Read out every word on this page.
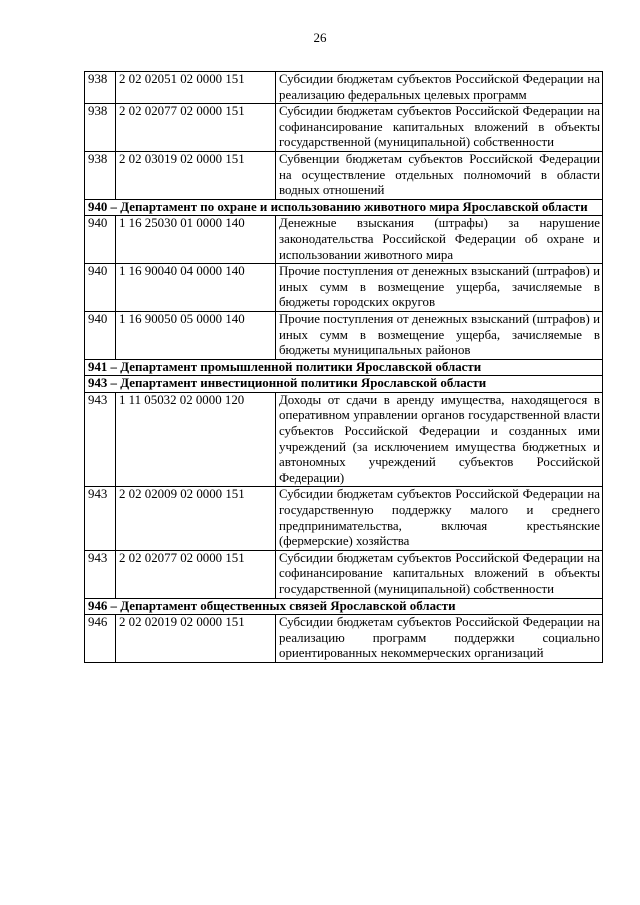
26
938	2 02 02051 02 0000 151	Субсидии бюджетам субъектов Российской Федерации на реализацию федеральных целевых программ
938	2 02 02077 02 0000 151	Субсидии бюджетам субъектов Российской Федерации на софинансирование капитальных вложений в объекты государственной (муниципальной) собственности
938	2 02 03019 02 0000 151	Субвенции бюджетам субъектов Российской Федерации на осуществление отдельных полномочий в области водных отношений

940 – Департамент по охране и использованию животного мира Ярославской области		

940	1 16 25030 01 0000 140	Денежные взыскания (штрафы) за нарушение законодательства Российской Федерации об охране и использовании животного мира
940	1 16 90040 04 0000 140	Прочие поступления от денежных взысканий (штрафов) и иных сумм в возмещение ущерба, зачисляемые в бюджеты городских округов
940	1 16 90050 05 0000 140	Прочие поступления от денежных взысканий (штрафов) и иных сумм в возмещение ущерба, зачисляемые в бюджеты муниципальных районов

941 – Департамент промышленной политики Ярославской области		

943 – Департамент инвестиционной политики Ярославской области		

943	1 11 05032 02 0000 120	Доходы от сдачи в аренду имущества, находящегося в оперативном управлении органов государственной власти субъектов Российской Федерации и созданных ими учреждений (за исключением имущества бюджетных и автономных учреждений субъектов Российской Федерации)
943	2 02 02009 02 0000 151	Субсидии бюджетам субъектов Российской Федерации на государственную поддержку малого и среднего предпринимательства, включая крестьянские (фермерские) хозяйства
943	2 02 02077 02 0000 151	Субсидии бюджетам субъектов Российской Федерации на софинансирование капитальных вложений в объекты государственной (муниципальной) собственности

946 – Департамент общественных связей Ярославской области		

946	2 02 02019 02 0000 151	Субсидии бюджетам субъектов Российской Федерации на реализацию программ поддержки социально ориентированных некоммерческих организаций
